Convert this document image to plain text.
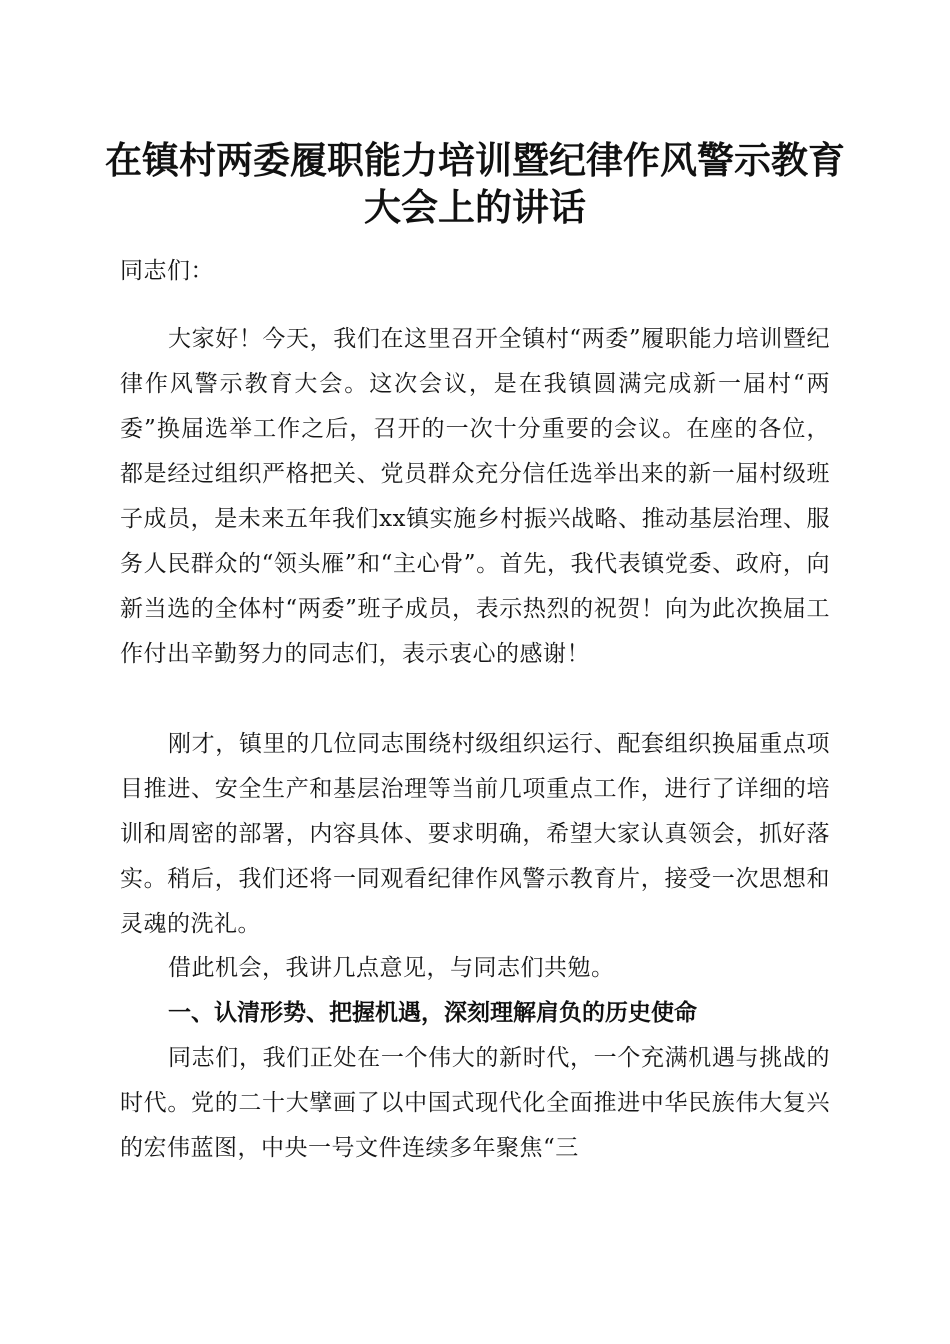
在镇村两委履职能力培训暨纪律作风警示教育
大会上的讲话
同志们：

大家好！今天，我们在这里召开全镇村“两委”履职能力培训暨纪律作风警示教育大会。这次会议，是在我镇圆满完成新一届村“两委”换届选举工作之后，召开的一次十分重要的会议。在座的各位，都是经过组织严格把关、党员群众充分信任选举出来的新一届村级班子成员，是未来五年我们xx镇实施乡村振兴战略、推动基层治理、服务人民群众的“领头雁”和“主心骨”。首先，我代表镇党委、政府，向新当选的全体村“两委”班子成员，表示热烈的祝贺！向为此次换届工作付出辛勤努力的同志们，表示衷心的感谢！

刚才，镇里的几位同志围绕村级组织运行、配套组织换届重点项目推进、安全生产和基层治理等当前几项重点工作，进行了详细的培训和周密的部署，内容具体、要求明确，希望大家认真领会，抓好落实。稍后，我们还将一同观看纪律作风警示教育片，接受一次思想和灵魂的洗礼。

借此机会，我讲几点意见，与同志们共勉。

一、认清形势、把握机遇，深刻理解肩负的历史使命

同志们，我们正处在一个伟大的新时代，一个充满机遇与挑战的时代。党的二十大擘画了以中国式现代化全面推进中华民族伟大复兴的宏伟蓝图，中央一号文件连续多年聚焦“三
